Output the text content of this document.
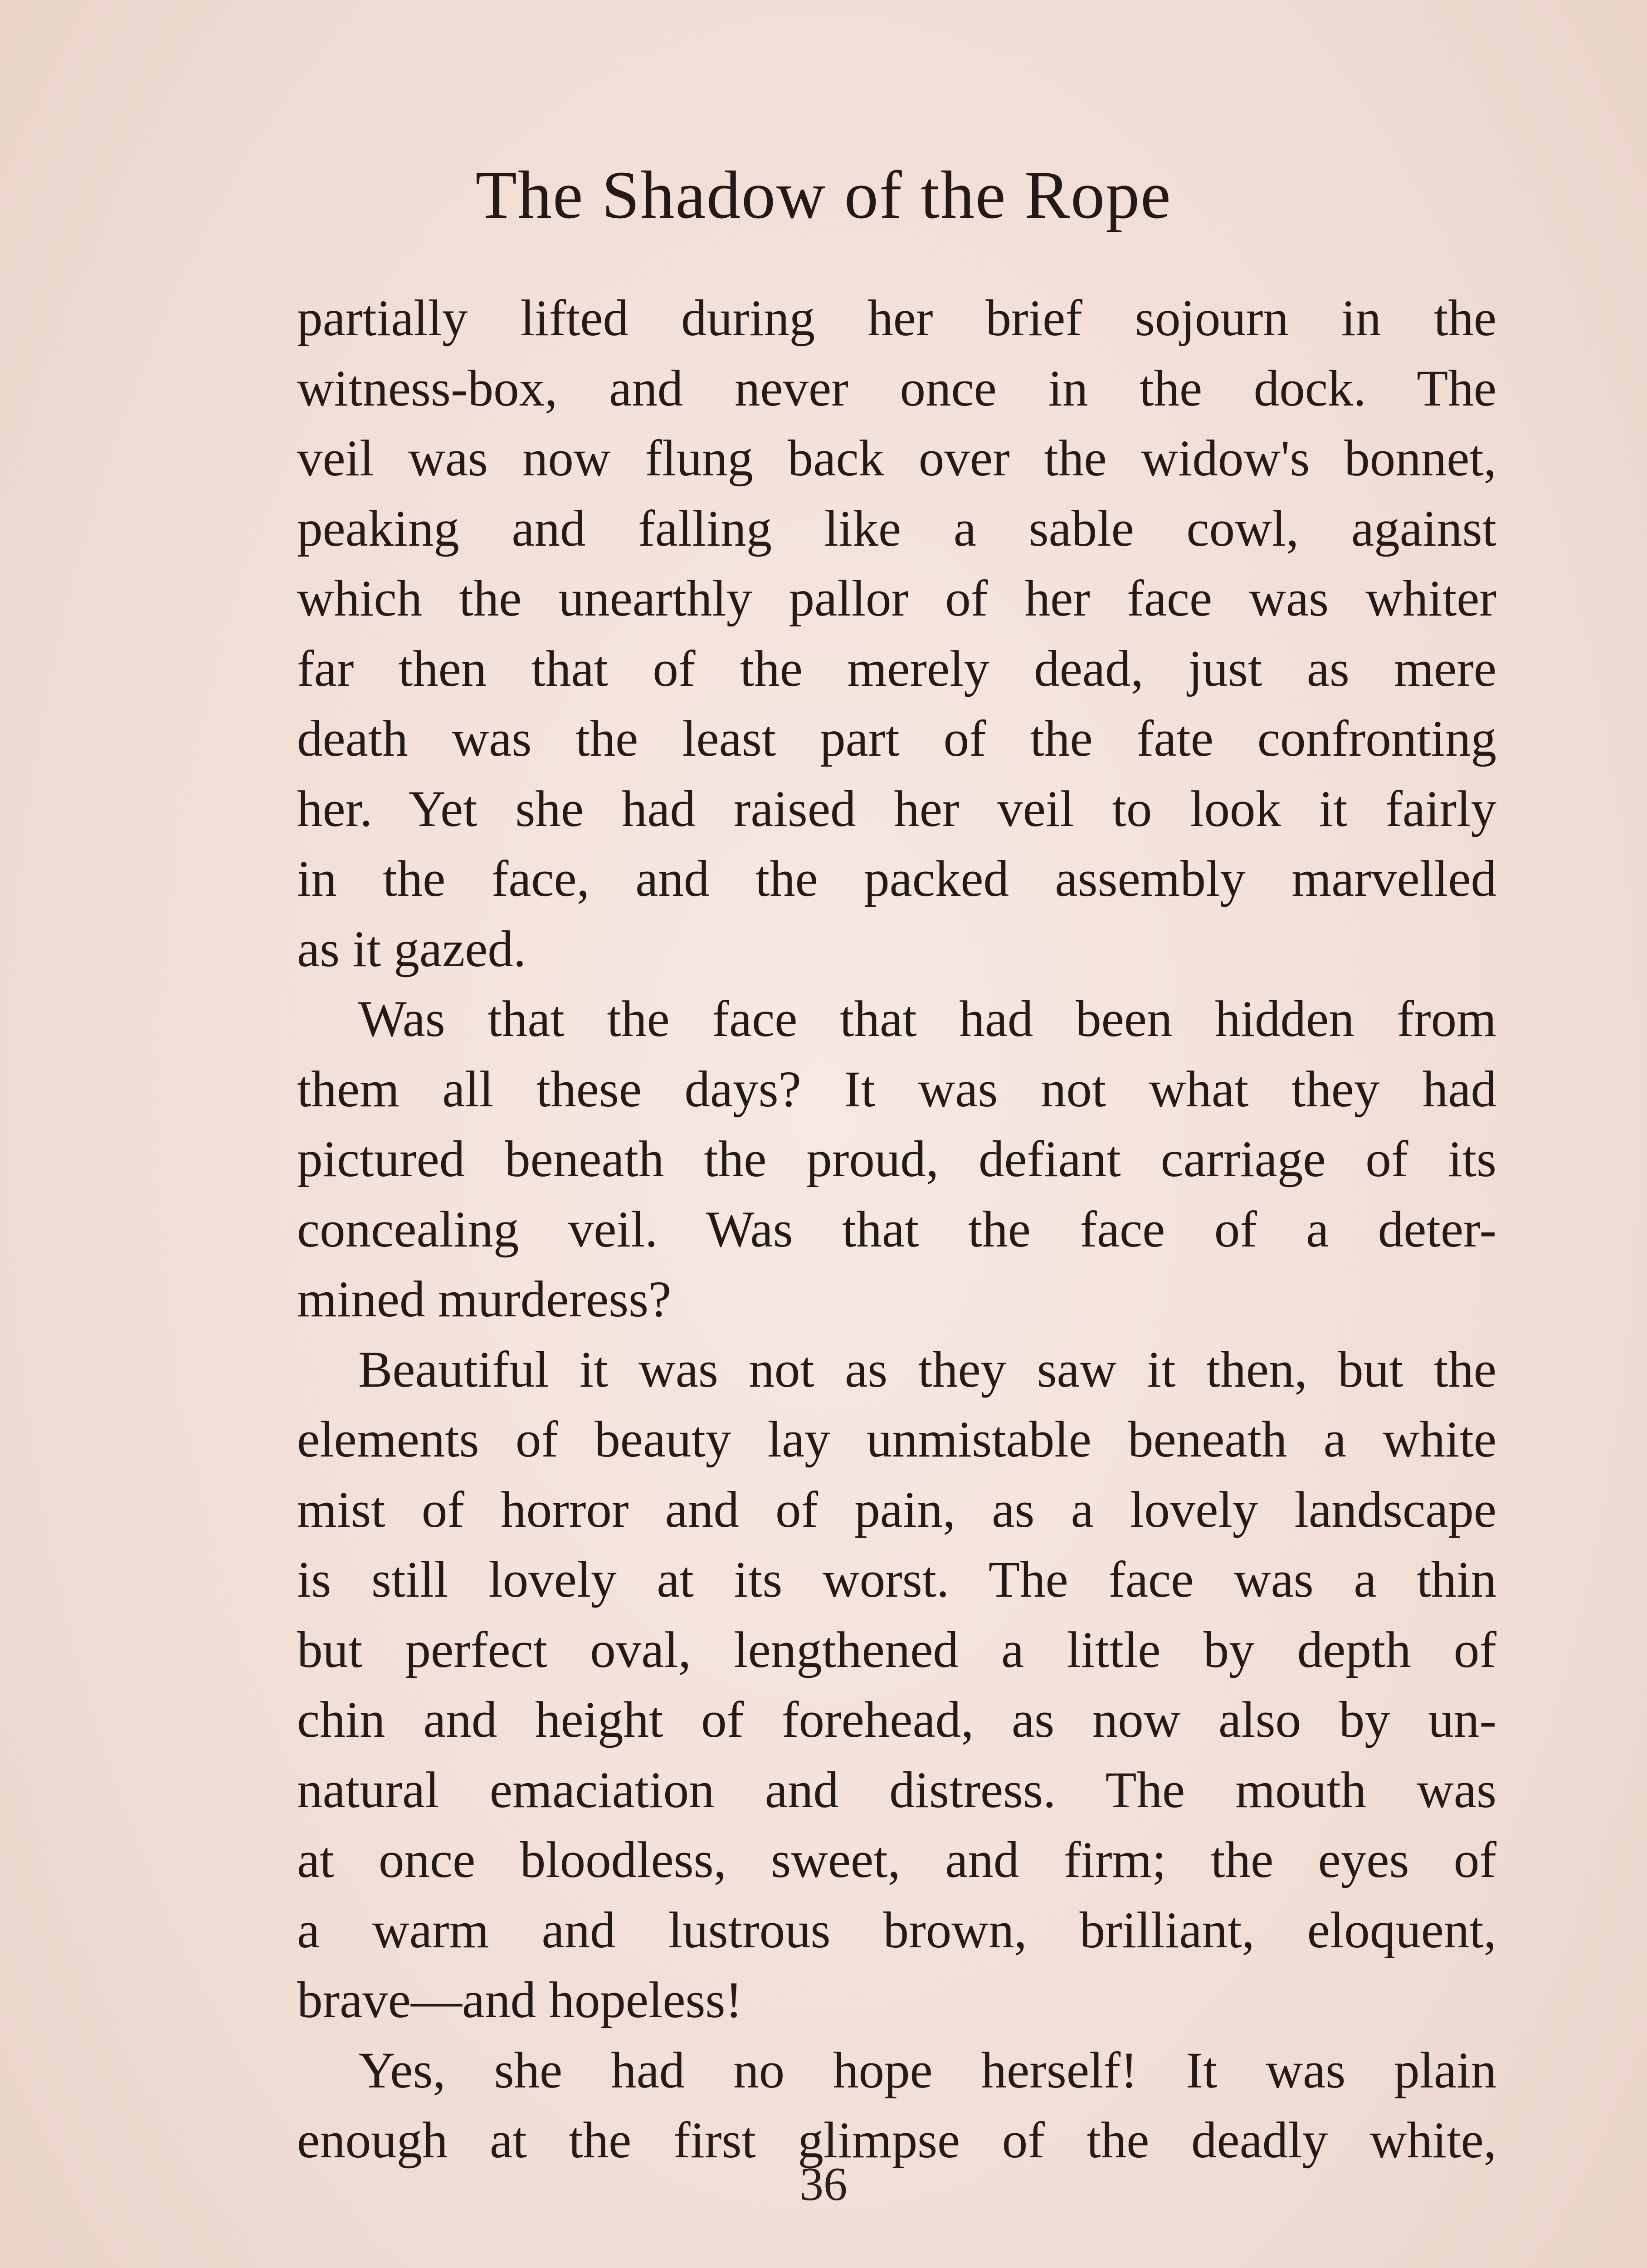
The Shadow of the Rope

partially lifted during her brief sojourn in the
witness-box, and never once in the dock. The
veil was now flung back over the widow's bonnet,
peaking and falling like a sable cowl, against
which the unearthly pallor of her face was whiter
far then that of the merely dead, just as mere
death was the least part of the fate confronting
her. Yet she had raised her veil to look it fairly
in the face, and the packed assembly marvelled
as it gazed.

Was that the face that had been hidden from
them all these days? It was not what they had
pictured beneath the proud, defiant carriage of its
concealing veil. Was that the face of a deter-
mined murderess?

Beautiful it was not as they saw it then, but the
elements of beauty lay unmistable beneath a white
mist of horror and of pain, as a lovely landscape
is still lovely at its worst. The face was a thin
but perfect oval, lengthened a little by depth of
chin and height of forehead, as now also by un-
natural emaciation and distress. The mouth was
at once bloodless, sweet, and firm; the eyes of
a warm and lustrous brown, brilliant, eloquent,
brave—and hopeless!

Yes, she had no hope herself! It was plain
enough at the first glimpse of the deadly white,

36
